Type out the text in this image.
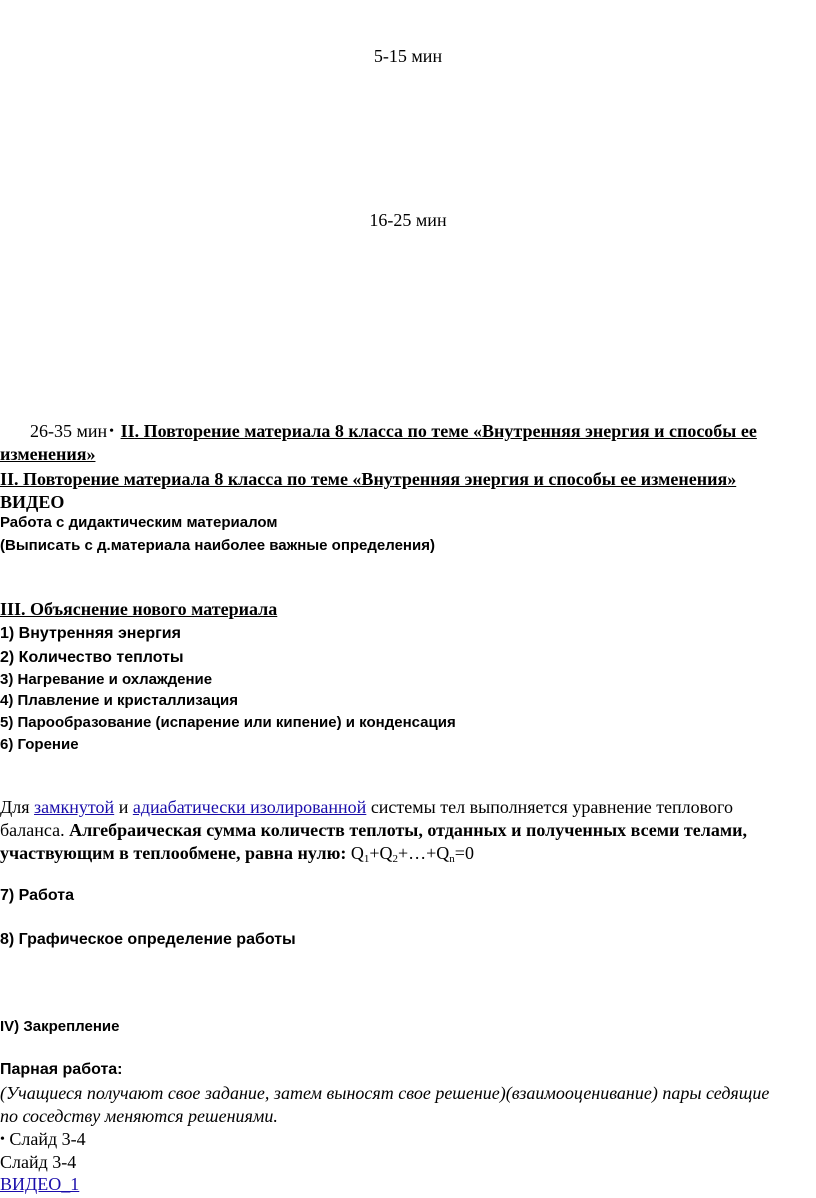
5-15 мин
16-25 мин
26-35 мин • II. Повторение материала 8 класса по теме «Внутренняя энергия и способы ее
изменения»
II. Повторение материала 8 класса по теме «Внутренняя энергия и способы ее изменения»
ВИДЕО
Работа с дидактическим материалом
(Выписать с д.материала наиболее важные определения)
III. Объяснение нового материала
1) Внутренняя энергия
2) Количество теплоты
3) Нагревание и охлаждение
4) Плавление и кристаллизация
5) Парообразование (испарение или кипение) и конденсация
6) Горение
Для замкнутой и адиабатически изолированной системы тел выполняется уравнение теплового
баланса. Алгебраическая сумма количеств теплоты, отданных и полученных всеми телами,
участвующим в теплообмене, равна нулю: $Q_1+Q_2+\dots+Q_n=0$
7) Работа
8) Графическое определение работы
IV) Закрепление
Парная работа:
(Учащиеся получают свое задание, затем выносят свое решение)(взаимооценивание) пары седящие
по соседству меняются решениями.
• Слайд 3-4
Слайд 3-4
ВИДЕО_1
